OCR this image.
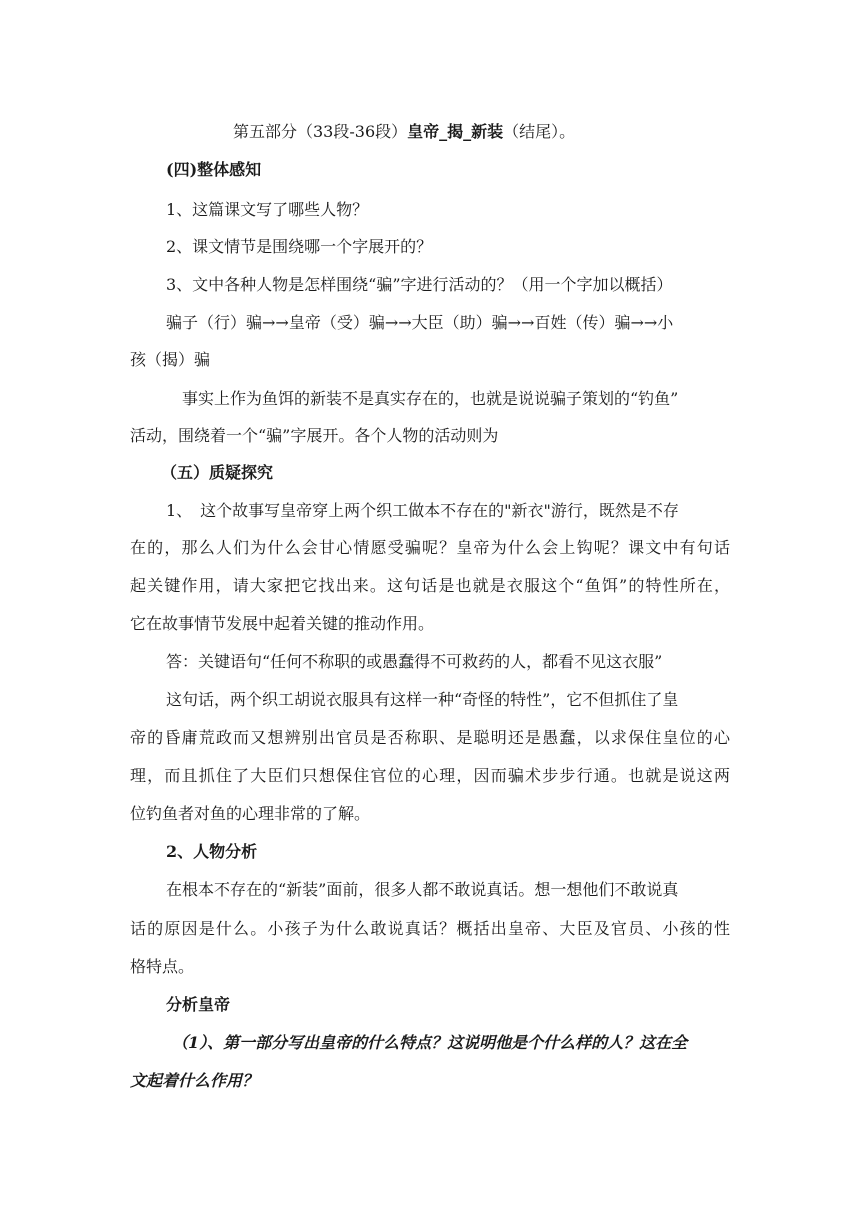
第五部分（33段-36段）皇帝_揭_新装（结尾）。
(四)整体感知
1、这篇课文写了哪些人物？
2、课文情节是围绕哪一个字展开的？
3、文中各种人物是怎样围绕“骗”字进行活动的？（用一个字加以概括）
骗子（行）骗→→皇帝（受）骗→→大臣（助）骗→→百姓（传）骗→→小
孩（揭）骗
事实上作为鱼饵的新装不是真实存在的，也就是说说骗子策划的“钓鱼”
活动，围绕着一个“骗”字展开。各个人物的活动则为
（五）质疑探究
1、　这个故事写皇帝穿上两个织工做本不存在的"新衣"游行，既然是不存
在的，那么人们为什么会甘心情愿受骗呢？皇帝为什么会上钩呢？课文中有句话
起关键作用，请大家把它找出来。这句话是也就是衣服这个“鱼饵”的特性所在，
它在故事情节发展中起着关键的推动作用。
答：关键语句“任何不称职的或愚蠢得不可救药的人，都看不见这衣服”
这句话，两个织工胡说衣服具有这样一种“奇怪的特性”，它不但抓住了皇
帝的昏庸荒政而又想辨别出官员是否称职、是聪明还是愚蠢，以求保住皇位的心
理，而且抓住了大臣们只想保住官位的心理，因而骗术步步行通。也就是说这两
位钓鱼者对鱼的心理非常的了解。
2、人物分析
在根本不存在的“新装”面前，很多人都不敢说真话。想一想他们不敢说真
话的原因是什么。小孩子为什么敢说真话？概括出皇帝、大臣及官员、小孩的性
格特点。
分析皇帝
（1）、第一部分写出皇帝的什么特点？这说明他是个什么样的人？这在全
文起着什么作用？
